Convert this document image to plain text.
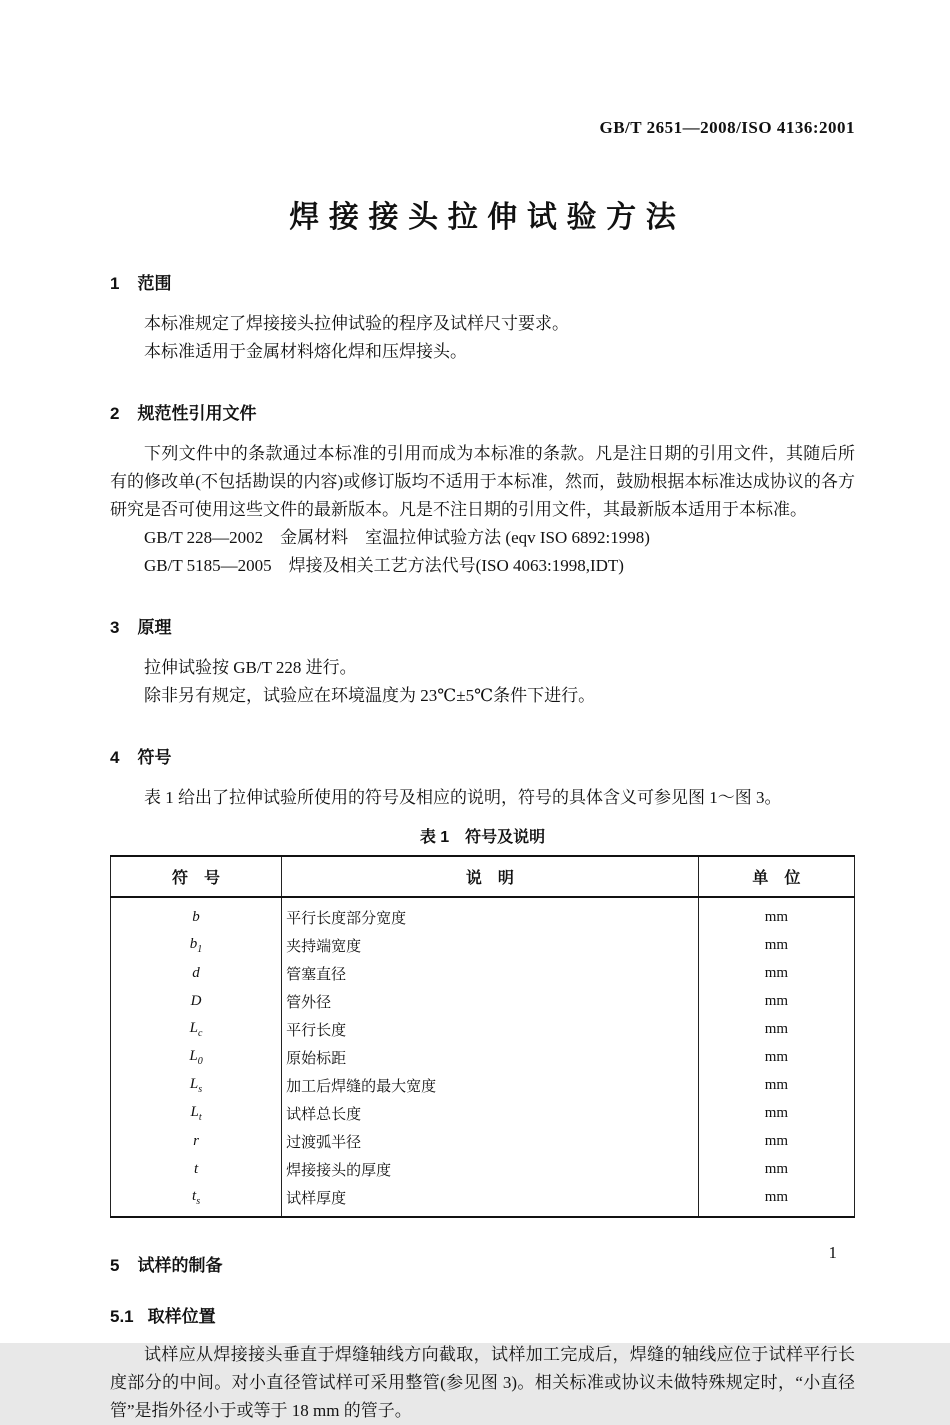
GB/T 2651—2008/ISO 4136:2001
焊接接头拉伸试验方法
1 范围

本标准规定了焊接接头拉伸试验的程序及试样尺寸要求。

本标准适用于金属材料熔化焊和压焊接头。

2 规范性引用文件

下列文件中的条款通过本标准的引用而成为本标准的条款。凡是注日期的引用文件，其随后所有的修改单(不包括勘误的内容)或修订版均不适用于本标准，然而，鼓励根据本标准达成协议的各方研究是否可使用这些文件的最新版本。凡是不注日期的引用文件，其最新版本适用于本标准。

GB/T 228—2002　金属材料　室温拉伸试验方法 (eqv ISO 6892:1998)

GB/T 5185—2005　焊接及相关工艺方法代号(ISO 4063:1998,IDT)

3 原理

拉伸试验按 GB/T 228 进行。

除非另有规定，试验应在环境温度为 23℃±5℃条件下进行。

4 符号

表 1 给出了拉伸试验所使用的符号及相应的说明，符号的具体含义可参见图 1～图 3。

表 1　符号及说明
符　号	说　明	单　位
b	平行长度部分宽度	mm
$b_1$	夹持端宽度	mm
d	管塞直径	mm
D	管外径	mm
$L_c$	平行长度	mm
$L_0$	原始标距	mm
$L_s$	加工后焊缝的最大宽度	mm
$L_t$	试样总长度	mm
r	过渡弧半径	mm
t	焊接接头的厚度	mm
$t_s$	试样厚度	mm
5 试样的制备
5.1 取样位置

试样应从焊接接头垂直于焊缝轴线方向截取，试样加工完成后，焊缝的轴线应位于试样平行长度部分的中间。对小直径管试样可采用整管(参见图 3)。相关标准或协议未做特殊规定时，“小直径管”是指外径小于或等于 18 mm 的管子。

1
